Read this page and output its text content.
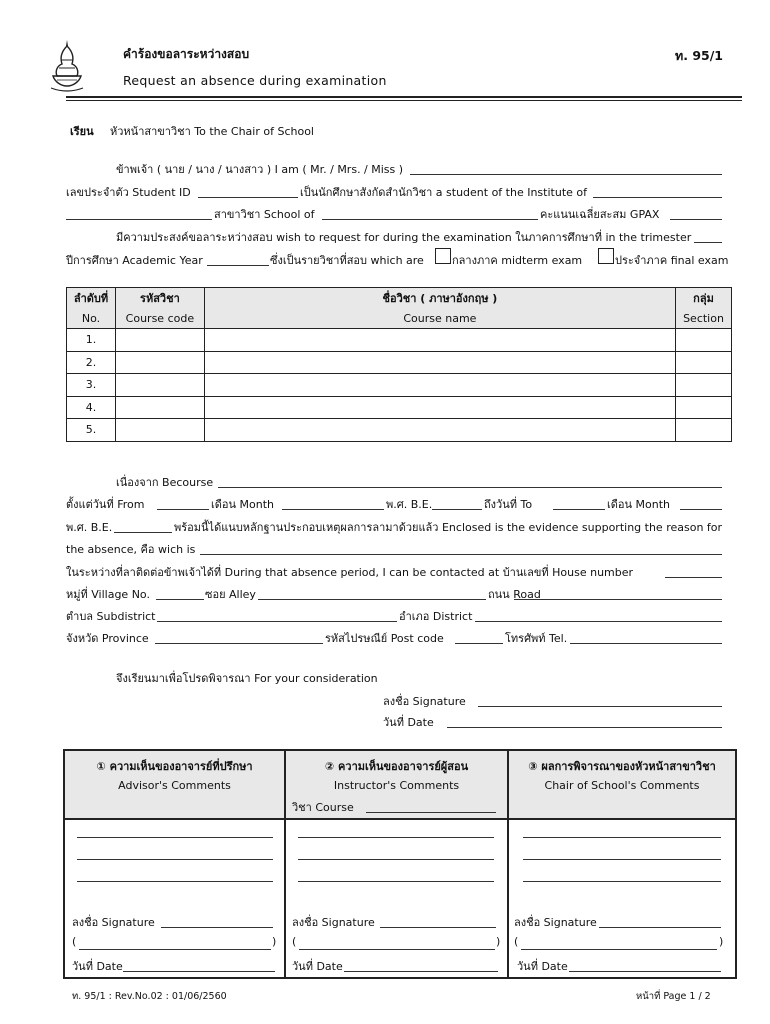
คำร้องขอลาระหว่างสอบ
Request an absence during examination
ท. 95/1
เรียน หัวหน้าสาขาวิชา To the Chair of School
ข้าพเจ้า ( นาย / นาง / นางสาว ) I am ( Mr. / Mrs. / Miss )
เลขประจำตัว Student ID	เป็นนักศึกษาสังกัดสำนักวิชา a student of the Institute of
สาขาวิชา School of	คะแนนเฉลี่ยสะสม GPAX
มีความประสงค์ขอลาระหว่างสอบ wish to request for during the examination ในภาคการศึกษาที่ in the trimester
ปีการศึกษา Academic Year	ซึ่งเป็นรายวิชาที่สอบ which are	กลางภาค midterm exam	ประจำภาค final exam
ลำดับที่	รหัสวิชา	ชื่อวิชา ( ภาษาอังกฤษ )	กลุ่ม
No.	Course code	Course name	Section
1.			
2.			
3.			
4.			
5.			
เนื่องจาก Becourse
ตั้งแต่วันที่ From	เดือน Month	พ.ศ. B.E.	ถึงวันที่ To	เดือน Month
พ.ศ. B.E.	พร้อมนี้ได้แนบหลักฐานประกอบเหตุผลการลามาด้วยแล้ว Enclosed is the evidence supporting the reason for
the absence, คือ wich is
ในระหว่างที่ลาติดต่อข้าพเจ้าได้ที่ During that absence period, I can be contacted at บ้านเลขที่ House number
หมู่ที่ Village No.	ซอย Alley	ถนน Road
ตำบล Subdistrict	อำเภอ District
จังหวัด Province	รหัสไปรษณีย์ Post code	โทรศัพท์ Tel.
จึงเรียนมาเพื่อโปรดพิจารณา For your consideration
ลงชื่อ Signature
วันที่ Date
① ความเห็นของอาจารย์ที่ปรึกษา
Advisor's Comments
ลงชื่อ Signature
(	)
วันที่ Date
② ความเห็นของอาจารย์ผู้สอน
Instructor's Comments
วิชา Course
ลงชื่อ Signature
(	)
วันที่ Date
③ ผลการพิจารณาของหัวหน้าสาขาวิชา
Chair of School's Comments
ลงชื่อ Signature
(	)
วันที่ Date
ท. 95/1 : Rev.No.02 : 01/06/2560	หน้าที่ Page 1 / 2
